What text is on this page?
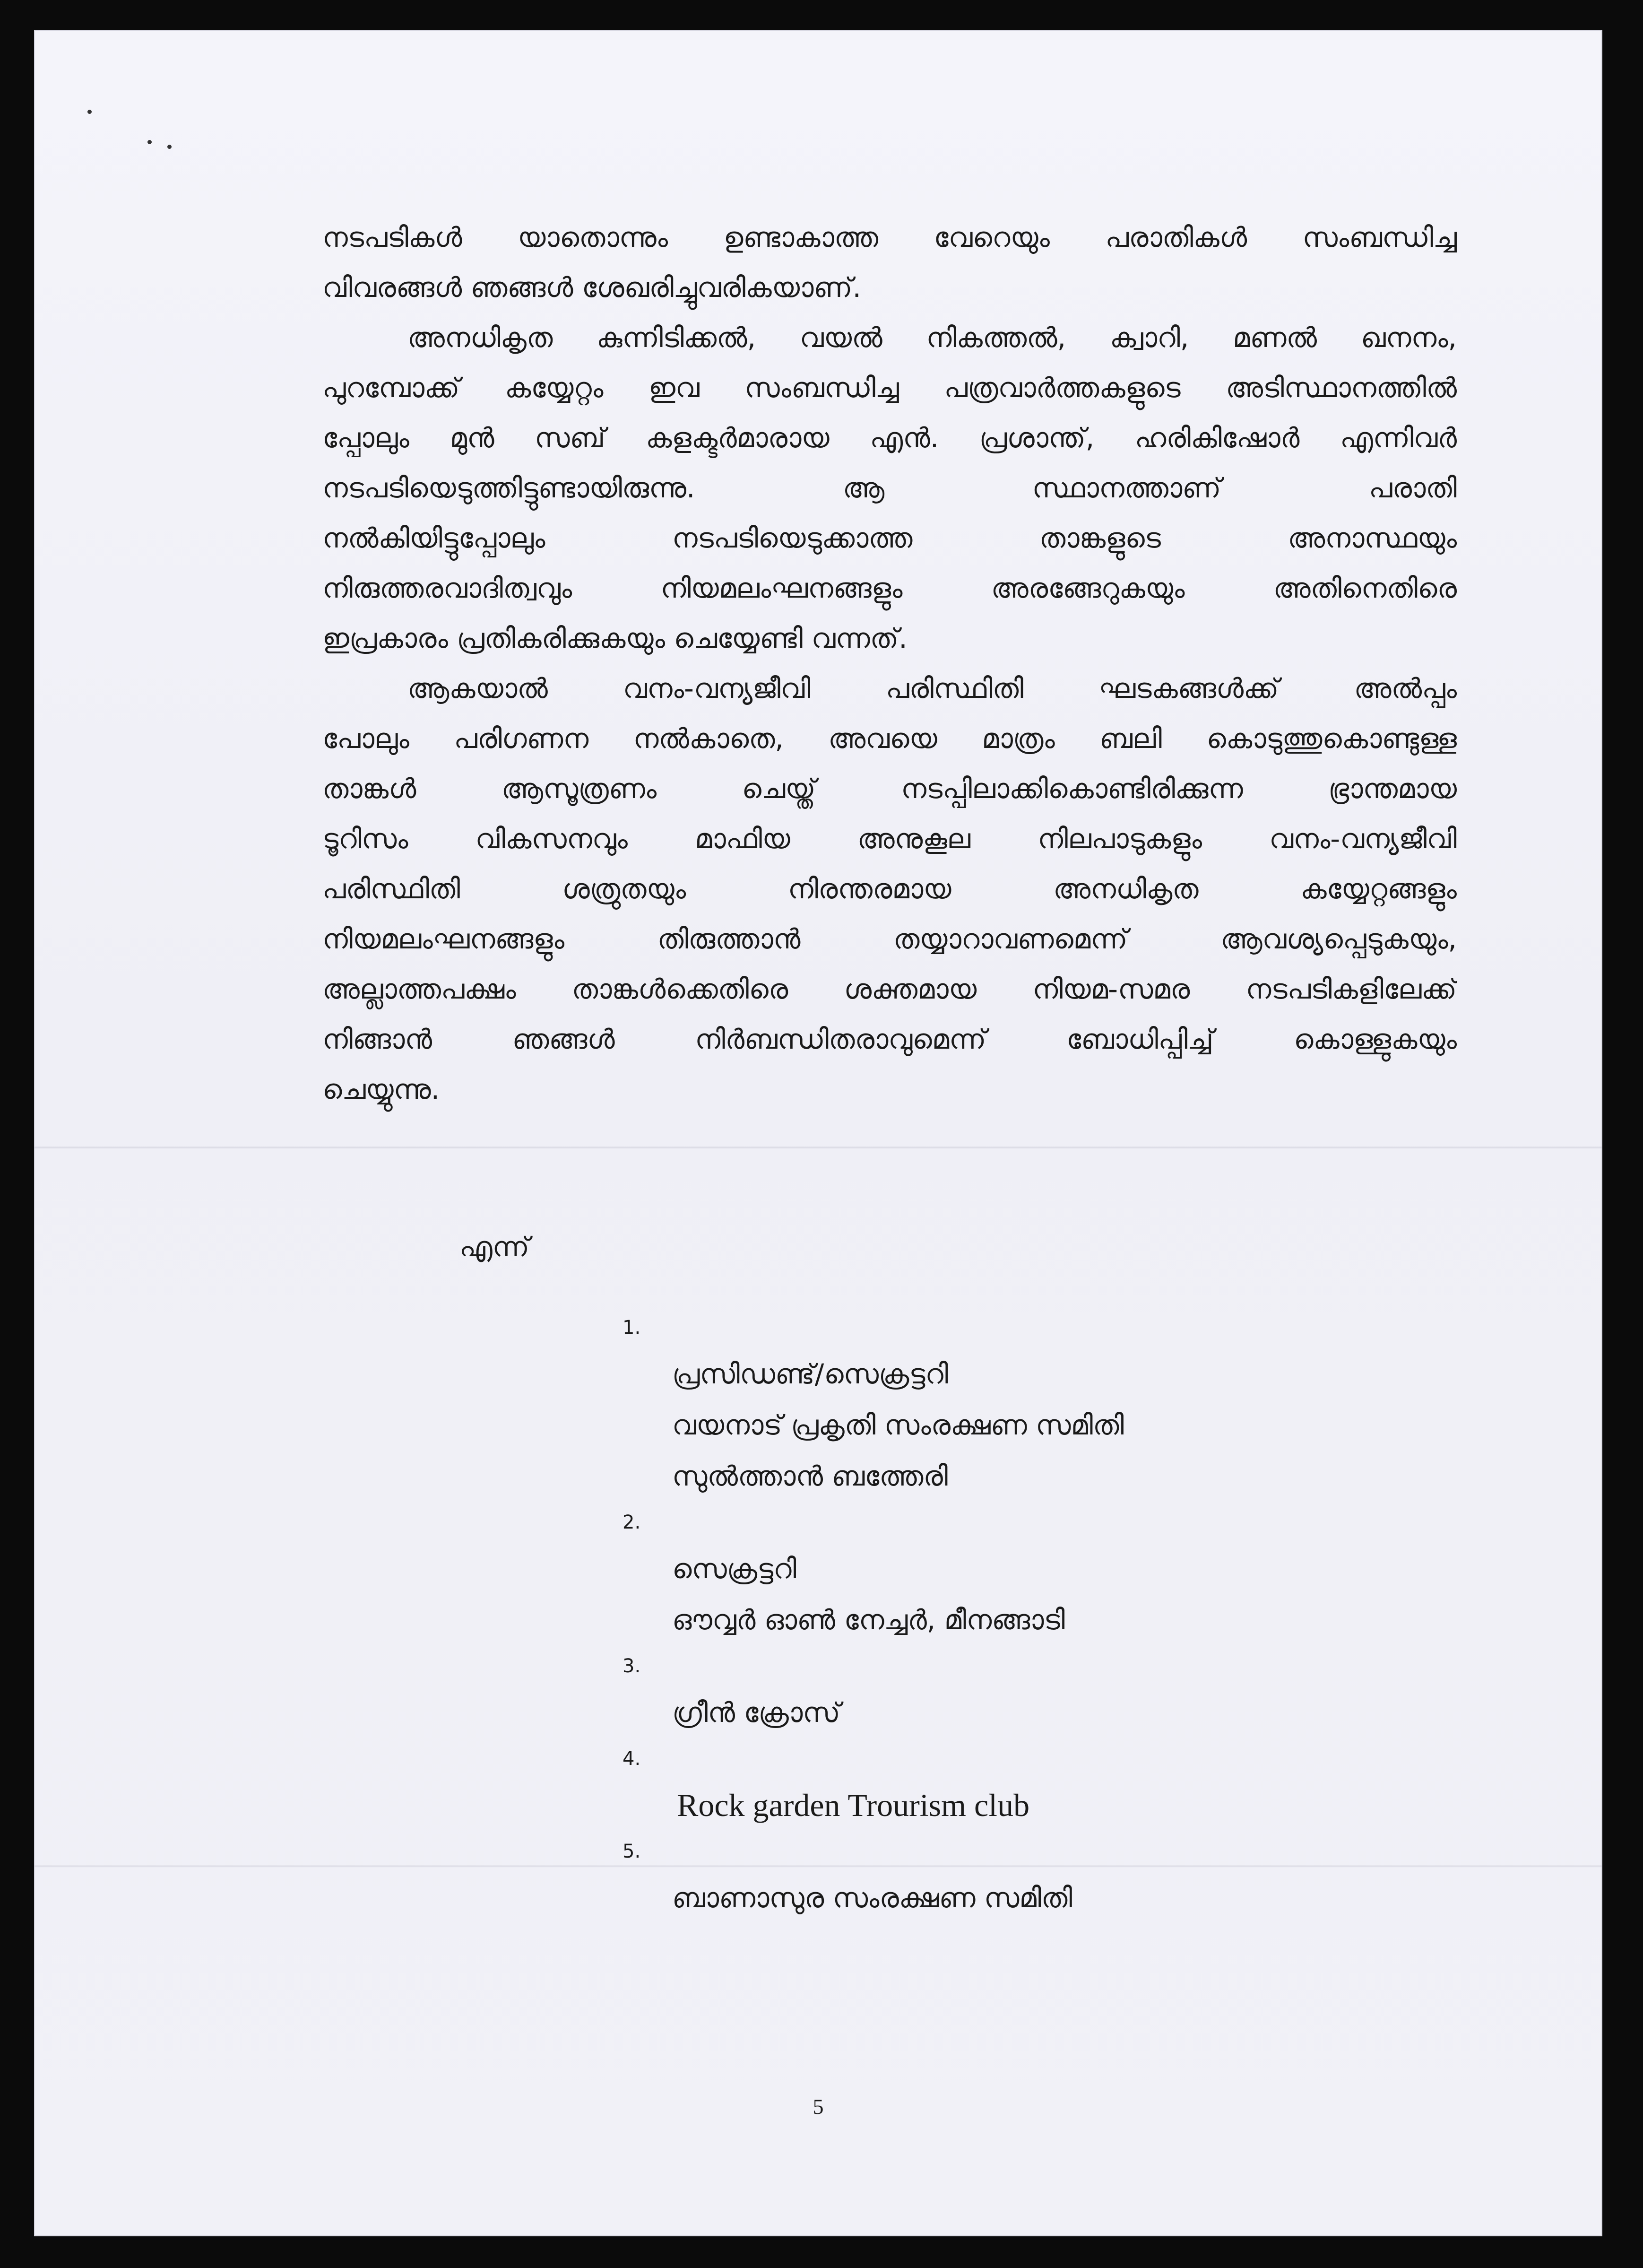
നടപടികൾ യാതൊന്നും ഉണ്ടാകാത്ത വേറെയും പരാതികൾ സംബന്ധിച്ച
വിവരങ്ങൾ ഞങ്ങൾ ശേഖരിച്ചുവരികയാണ്.
അനധികൃത കുന്നിടിക്കൽ, വയൽ നികത്തൽ, ക്വാറി, മണൽ ഖനനം,
പുറമ്പോക്ക് കയ്യേറ്റം ഇവ സംബന്ധിച്ച പത്രവാർത്തകളുടെ അടിസ്ഥാനത്തിൽ
പ്പോലും മുൻ സബ് കളക്ടർമാരായ എൻ. പ്രശാന്ത്, ഹരികിഷോർ എന്നിവർ
നടപടിയെടുത്തിട്ടുണ്ടായിരുന്നു. ആ സ്ഥാനത്താണ് പരാതി
നൽകിയിട്ടുപ്പോലും നടപടിയെടുക്കാത്ത താങ്കളുടെ അനാസ്ഥയും
നിരുത്തരവാദിത്വവും നിയമലംഘനങ്ങളും അരങ്ങേറുകയും അതിനെതിരെ
ഇപ്രകാരം പ്രതികരിക്കുകയും ചെയ്യേണ്ടി വന്നത്.
ആകയാൽ വനം-വന്യജീവി പരിസ്ഥിതി ഘടകങ്ങൾക്ക് അൽപ്പം
പോലും പരിഗണന നൽകാതെ, അവയെ മാത്രം ബലി കൊടുത്തുകൊണ്ടുള്ള
താങ്കൾ ആസൂത്രണം ചെയ്ത് നടപ്പിലാക്കികൊണ്ടിരിക്കുന്ന ഭ്രാന്തമായ
ടൂറിസം വികസനവും മാഫിയ അനുകൂല നിലപാടുകളും വനം-വന്യജീവി
പരിസ്ഥിതി ശത്രുതയും നിരന്തരമായ അനധികൃത കയ്യേറ്റങ്ങളും
നിയമലംഘനങ്ങളും തിരുത്താൻ തയ്യാറാവണമെന്ന് ആവശ്യപ്പെടുകയും,
അല്ലാത്തപക്ഷം താങ്കൾക്കെതിരെ ശക്തമായ നിയമ-സമര നടപടികളിലേക്ക്
നിങ്ങാൻ ഞങ്ങൾ നിർബന്ധിതരാവുമെന്ന് ബോധിപ്പിച്ച് കൊള്ളുകയും
ചെയ്യുന്നു.
എന്ന്
1.
പ്രസിഡണ്ട്/സെക്രട്ടറി
വയനാട് പ്രകൃതി സംരക്ഷണ സമിതി
സുൽത്താൻ ബത്തേരി
2.
സെക്രട്ടറി
ഔവ്വർ ഓൺ നേച്ചർ, മീനങ്ങാടി
3.
ഗ്രീൻ ക്രോസ്
4.
Rock garden Trourism club
5.
ബാണാസുര സംരക്ഷണ സമിതി
5
